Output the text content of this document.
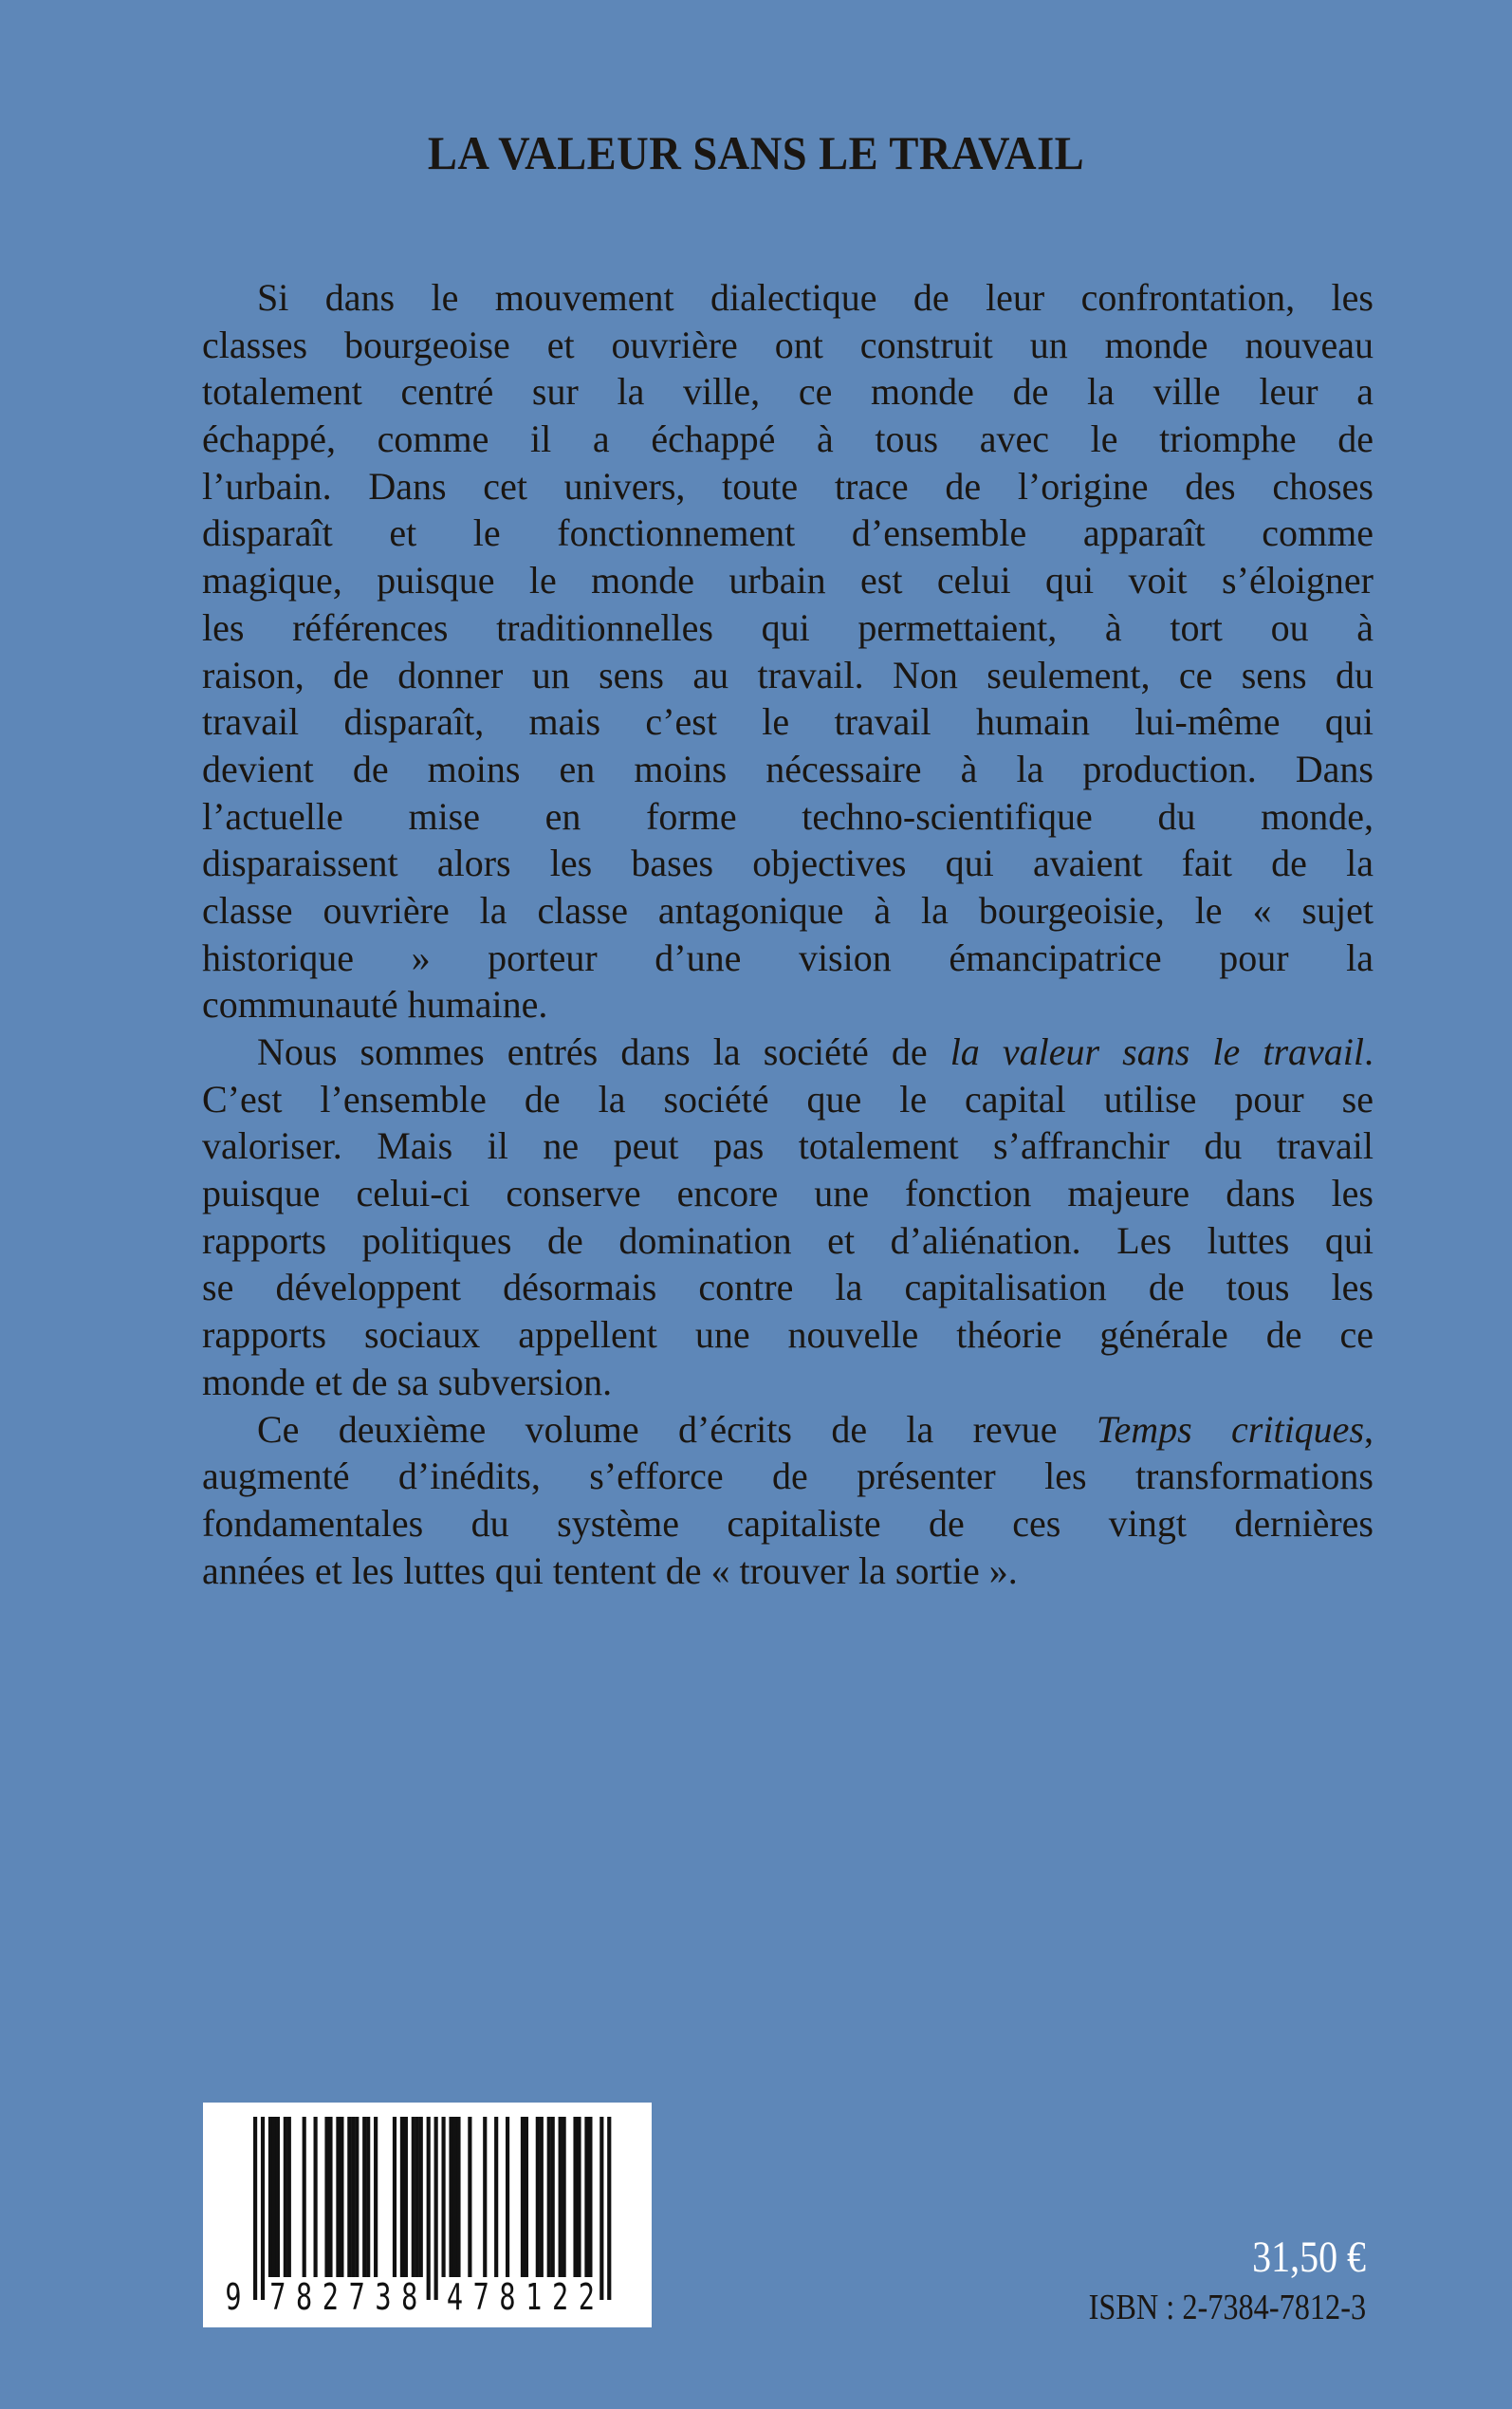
LA VALEUR SANS LE TRAVAIL
Si dans le mouvement dialectique de leur confrontation, les
classes bourgeoise et ouvrière ont construit un monde nouveau
totalement centré sur la ville, ce monde de la ville leur a
échappé, comme il a échappé à tous avec le triomphe de
l’urbain. Dans cet univers, toute trace de l’origine des choses
disparaît et le fonctionnement d’ensemble apparaît comme
magique, puisque le monde urbain est celui qui voit s’éloigner
les références traditionnelles qui permettaient, à tort ou à
raison, de donner un sens au travail. Non seulement, ce sens du
travail disparaît, mais c’est le travail humain lui-même qui
devient de moins en moins nécessaire à la production. Dans
l’actuelle mise en forme techno-scientifique du monde,
disparaissent alors les bases objectives qui avaient fait de la
classe ouvrière la classe antagonique à la bourgeoisie, le « sujet
historique » porteur d’une vision émancipatrice pour la
communauté humaine.
Nous sommes entrés dans la société de la valeur sans le travail.
C’est l’ensemble de la société que le capital utilise pour se
valoriser. Mais il ne peut pas totalement s’affranchir du travail
puisque celui-ci conserve encore une fonction majeure dans les
rapports politiques de domination et d’aliénation. Les luttes qui
se développent désormais contre la capitalisation de tous les
rapports sociaux appellent une nouvelle théorie générale de ce
monde et de sa subversion.
Ce deuxième volume d’écrits de la revue Temps critiques,
augmenté d’inédits, s’efforce de présenter les transformations
fondamentales du système capitaliste de ces vingt dernières
années et les luttes qui tentent de « trouver la sortie ».
9 7 8 2 7 3 8 4 7 8 1 2 2
31,50 €
ISBN : 2-7384-7812-3
